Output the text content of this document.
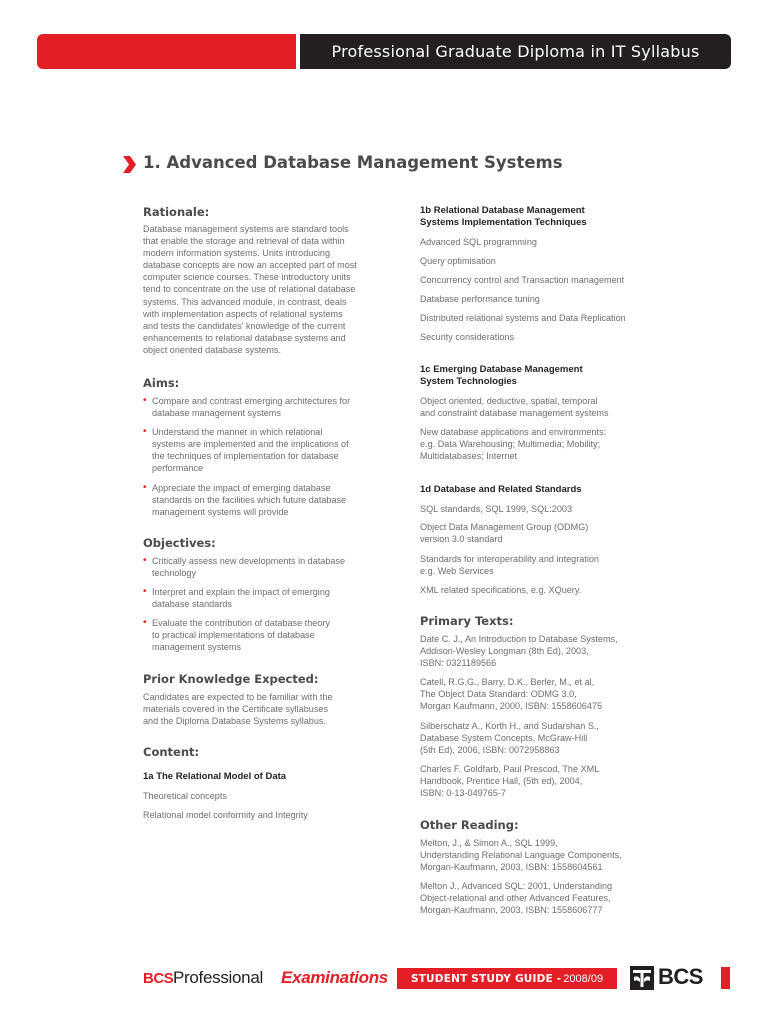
Professional Graduate Diploma in IT Syllabus
1. Advanced Database Management Systems
Rationale:
Database management systems are standard tools
that enable the storage and retrieval of data within
modern information systems. Units introducing
database concepts are now an accepted part of most
computer science courses. These introductory units
tend to concentrate on the use of relational database
systems. This advanced module, in contrast, deals
with implementation aspects of relational systems
and tests the candidates' knowledge of the current
enhancements to relational database systems and
object oriented database systems.
Aims:
• Compare and contrast emerging architectures for
database management systems
• Understand the manner in which relational
systems are implemented and the implications of
the techniques of implementation for database
performance
• Appreciate the impact of emerging database
standards on the facilities which future database
management systems will provide
Objectives:
• Critically assess new developments in database
technology
• Interpret and explain the impact of emerging
database standards
• Evaluate the contribution of database theory
to practical implementations of database
management systems
Prior Knowledge Expected:
Candidates are expected to be familiar with the
materials covered in the Certificate syllabuses
and the Diploma Database Systems syllabus.
Content:
1a The Relational Model of Data
Theoretical concepts
Relational model conformity and Integrity
1b Relational Database Management
Systems Implementation Techniques
Advanced SQL programming
Query optimisation
Concurrency control and Transaction management
Database performance tuning
Distributed relational systems and Data Replication
Security considerations
1c Emerging Database Management
System Technologies
Object oriented, deductive, spatial, temporal
and constraint database management systems
New database applications and environments:
e.g. Data Warehousing; Multimedia; Mobility;
Multidatabases; Internet
1d Database and Related Standards
SQL standards, SQL 1999, SQL:2003
Object Data Management Group (ODMG)
version 3.0 standard
Standards for interoperability and integration
e.g. Web Services
XML related specifications, e.g. XQuery.
Primary Texts:
Date C. J., An Introduction to Database Systems,
Addison-Wesley Longman (8th Ed), 2003,
ISBN: 0321189566
Catell, R.G.G., Barry, D.K., Berler, M., et al,
The Object Data Standard: ODMG 3.0,
Morgan Kaufmann, 2000, ISBN: 1558606475
Silberschatz A., Korth H., and Sudarshan S.,
Database System Concepts, McGraw-Hill
(5th Ed), 2006, ISBN: 0072958863
Charles F. Goldfarb, Paul Prescod, The XML
Handbook, Prentice Hall, (5th ed), 2004,
ISBN: 0-13-049765-7
Other Reading:
Melton, J., & Simon A., SQL 1999,
Understanding Relational Language Components,
Morgan-Kaufmann, 2003, ISBN: 1558604561
Melton J., Advanced SQL: 2001, Understanding
Object-relational and other Advanced Features,
Morgan-Kaufmann, 2003, ISBN: 1558606777
BCS Professional Examinations STUDENT STUDY GUIDE - 2008/09 BCS
